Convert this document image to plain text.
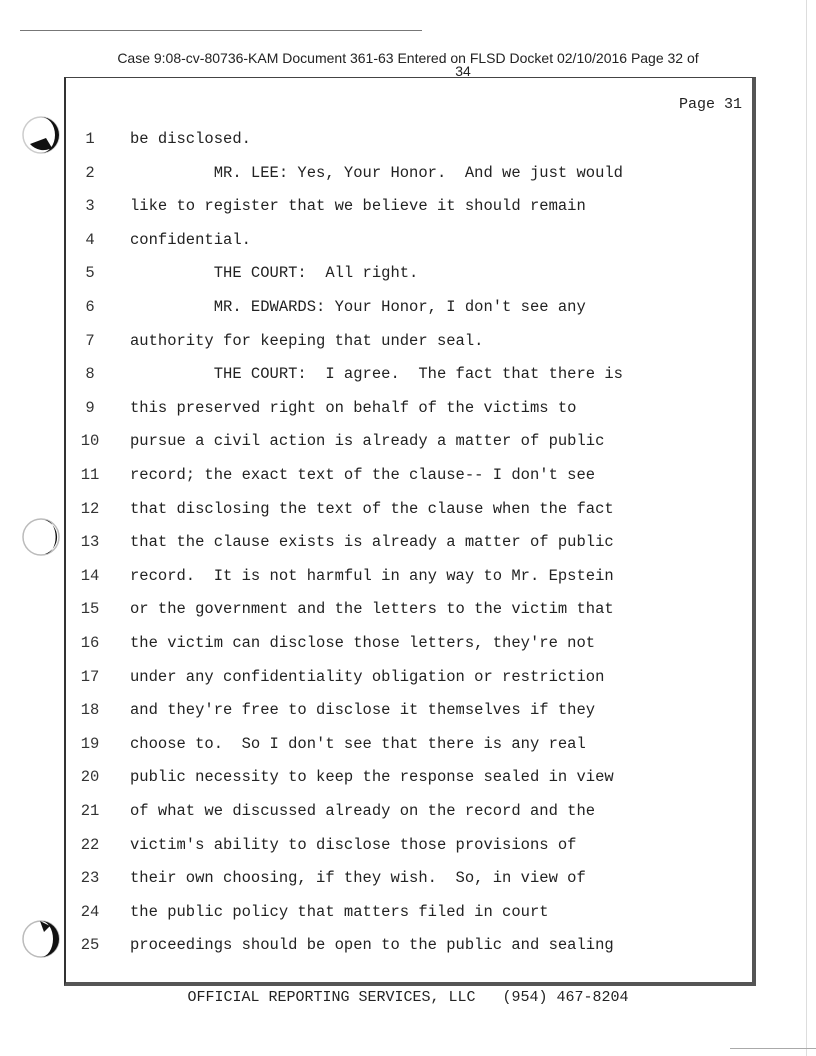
Case 9:08-cv-80736-KAM Document 361-63 Entered on FLSD Docket 02/10/2016 Page 32 of
34
Page 31
1	be disclosed.
2	MR. LEE: Yes, Your Honor.  And we just would
3	like to register that we believe it should remain
4	confidential.
5	THE COURT:  All right.
6	MR. EDWARDS: Your Honor, I don't see any
7	authority for keeping that under seal.
8	THE COURT:  I agree.  The fact that there is
9	this preserved right on behalf of the victims to
10 pursue a civil action is already a matter of public
11 record; the exact text of the clause-- I don't see
12 that disclosing the text of the clause when the fact
13 that the clause exists is already a matter of public
14 record.  It is not harmful in any way to Mr. Epstein
15 or the government and the letters to the victim that
16 the victim can disclose those letters, they're not
17 under any confidentiality obligation or restriction
18 and they're free to disclose it themselves if they
19 choose to.  So I don't see that there is any real
20 public necessity to keep the response sealed in view
21 of what we discussed already on the record and the
22 victim's ability to disclose those provisions of
23 their own choosing, if they wish.  So, in view of
24 the public policy that matters filed in court
25 proceedings should be open to the public and sealing
OFFICIAL REPORTING SERVICES, LLC   (954) 467-8204
